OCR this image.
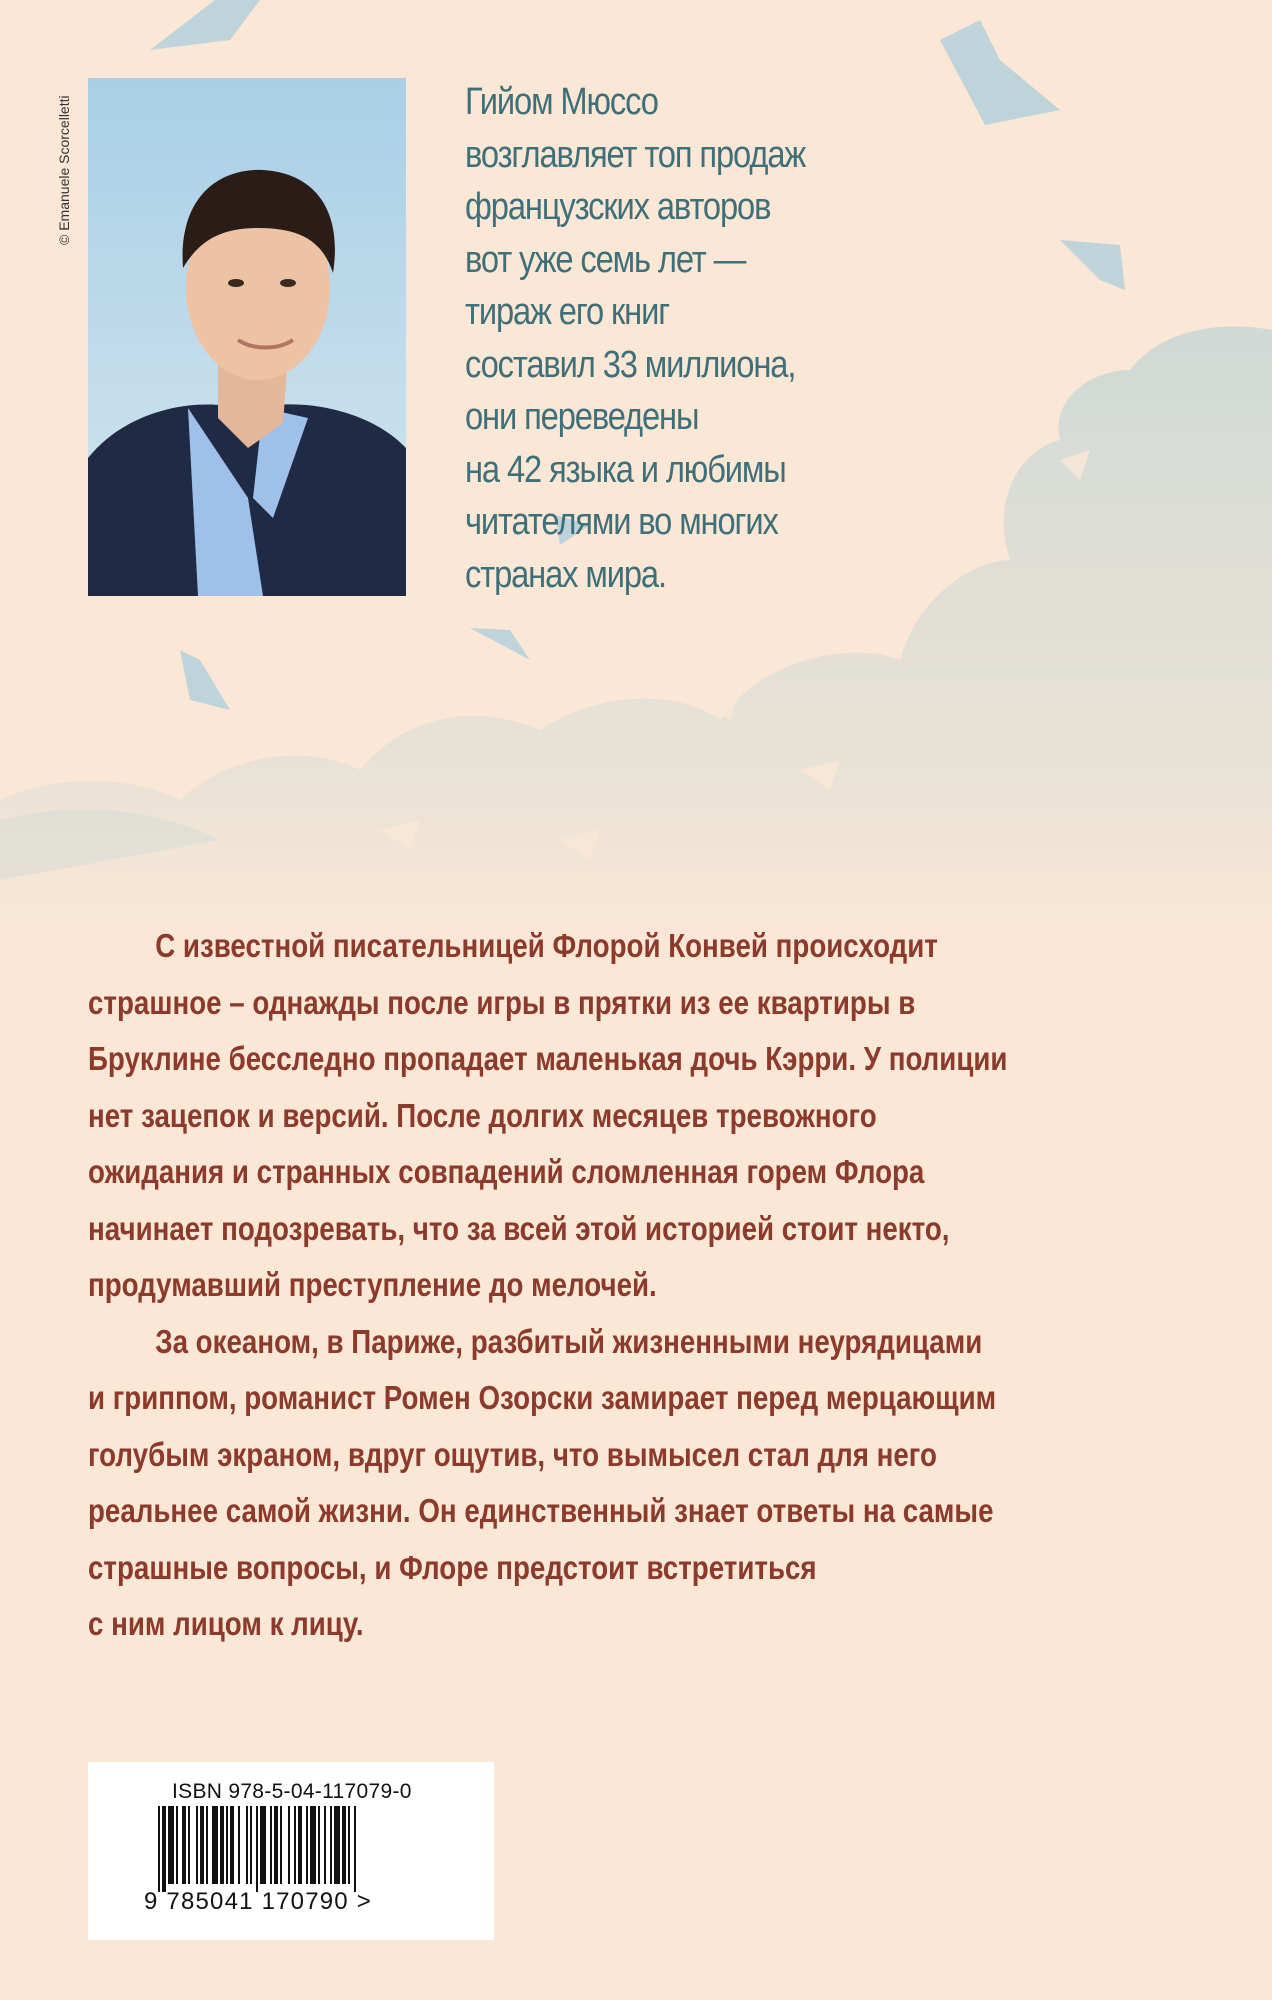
© Emanuele Scorcelletti	Гийом Мюссо
возглавляет топ продаж
французских авторов
вот уже семь лет —
тираж его книг
составил 33 миллиона,
они переведены
на 42 языка и любимы
читателями во многих
странах мира.
С известной писательницей Флорой Конвей происходит
страшное – однажды после игры в прятки из ее квартиры в
Бруклине бесследно пропадает маленькая дочь Кэрри. У полиции
нет зацепок и версий. После долгих месяцев тревожного
ожидания и странных совпадений сломленная горем Флора
начинает подозревать, что за всей этой историей стоит некто,
продумавший преступление до мелочей.
За океаном, в Париже, разбитый жизненными неурядицами
и гриппом, романист Ромен Озорски замирает перед мерцающим
голубым экраном, вдруг ощутив, что вымысел стал для него
реальнее самой жизни. Он единственный знает ответы на самые
страшные вопросы, и Флоре предстоит встретиться
с ним лицом к лицу.
ISBN 978-5-04-117079-0
9 785041 170790 >
